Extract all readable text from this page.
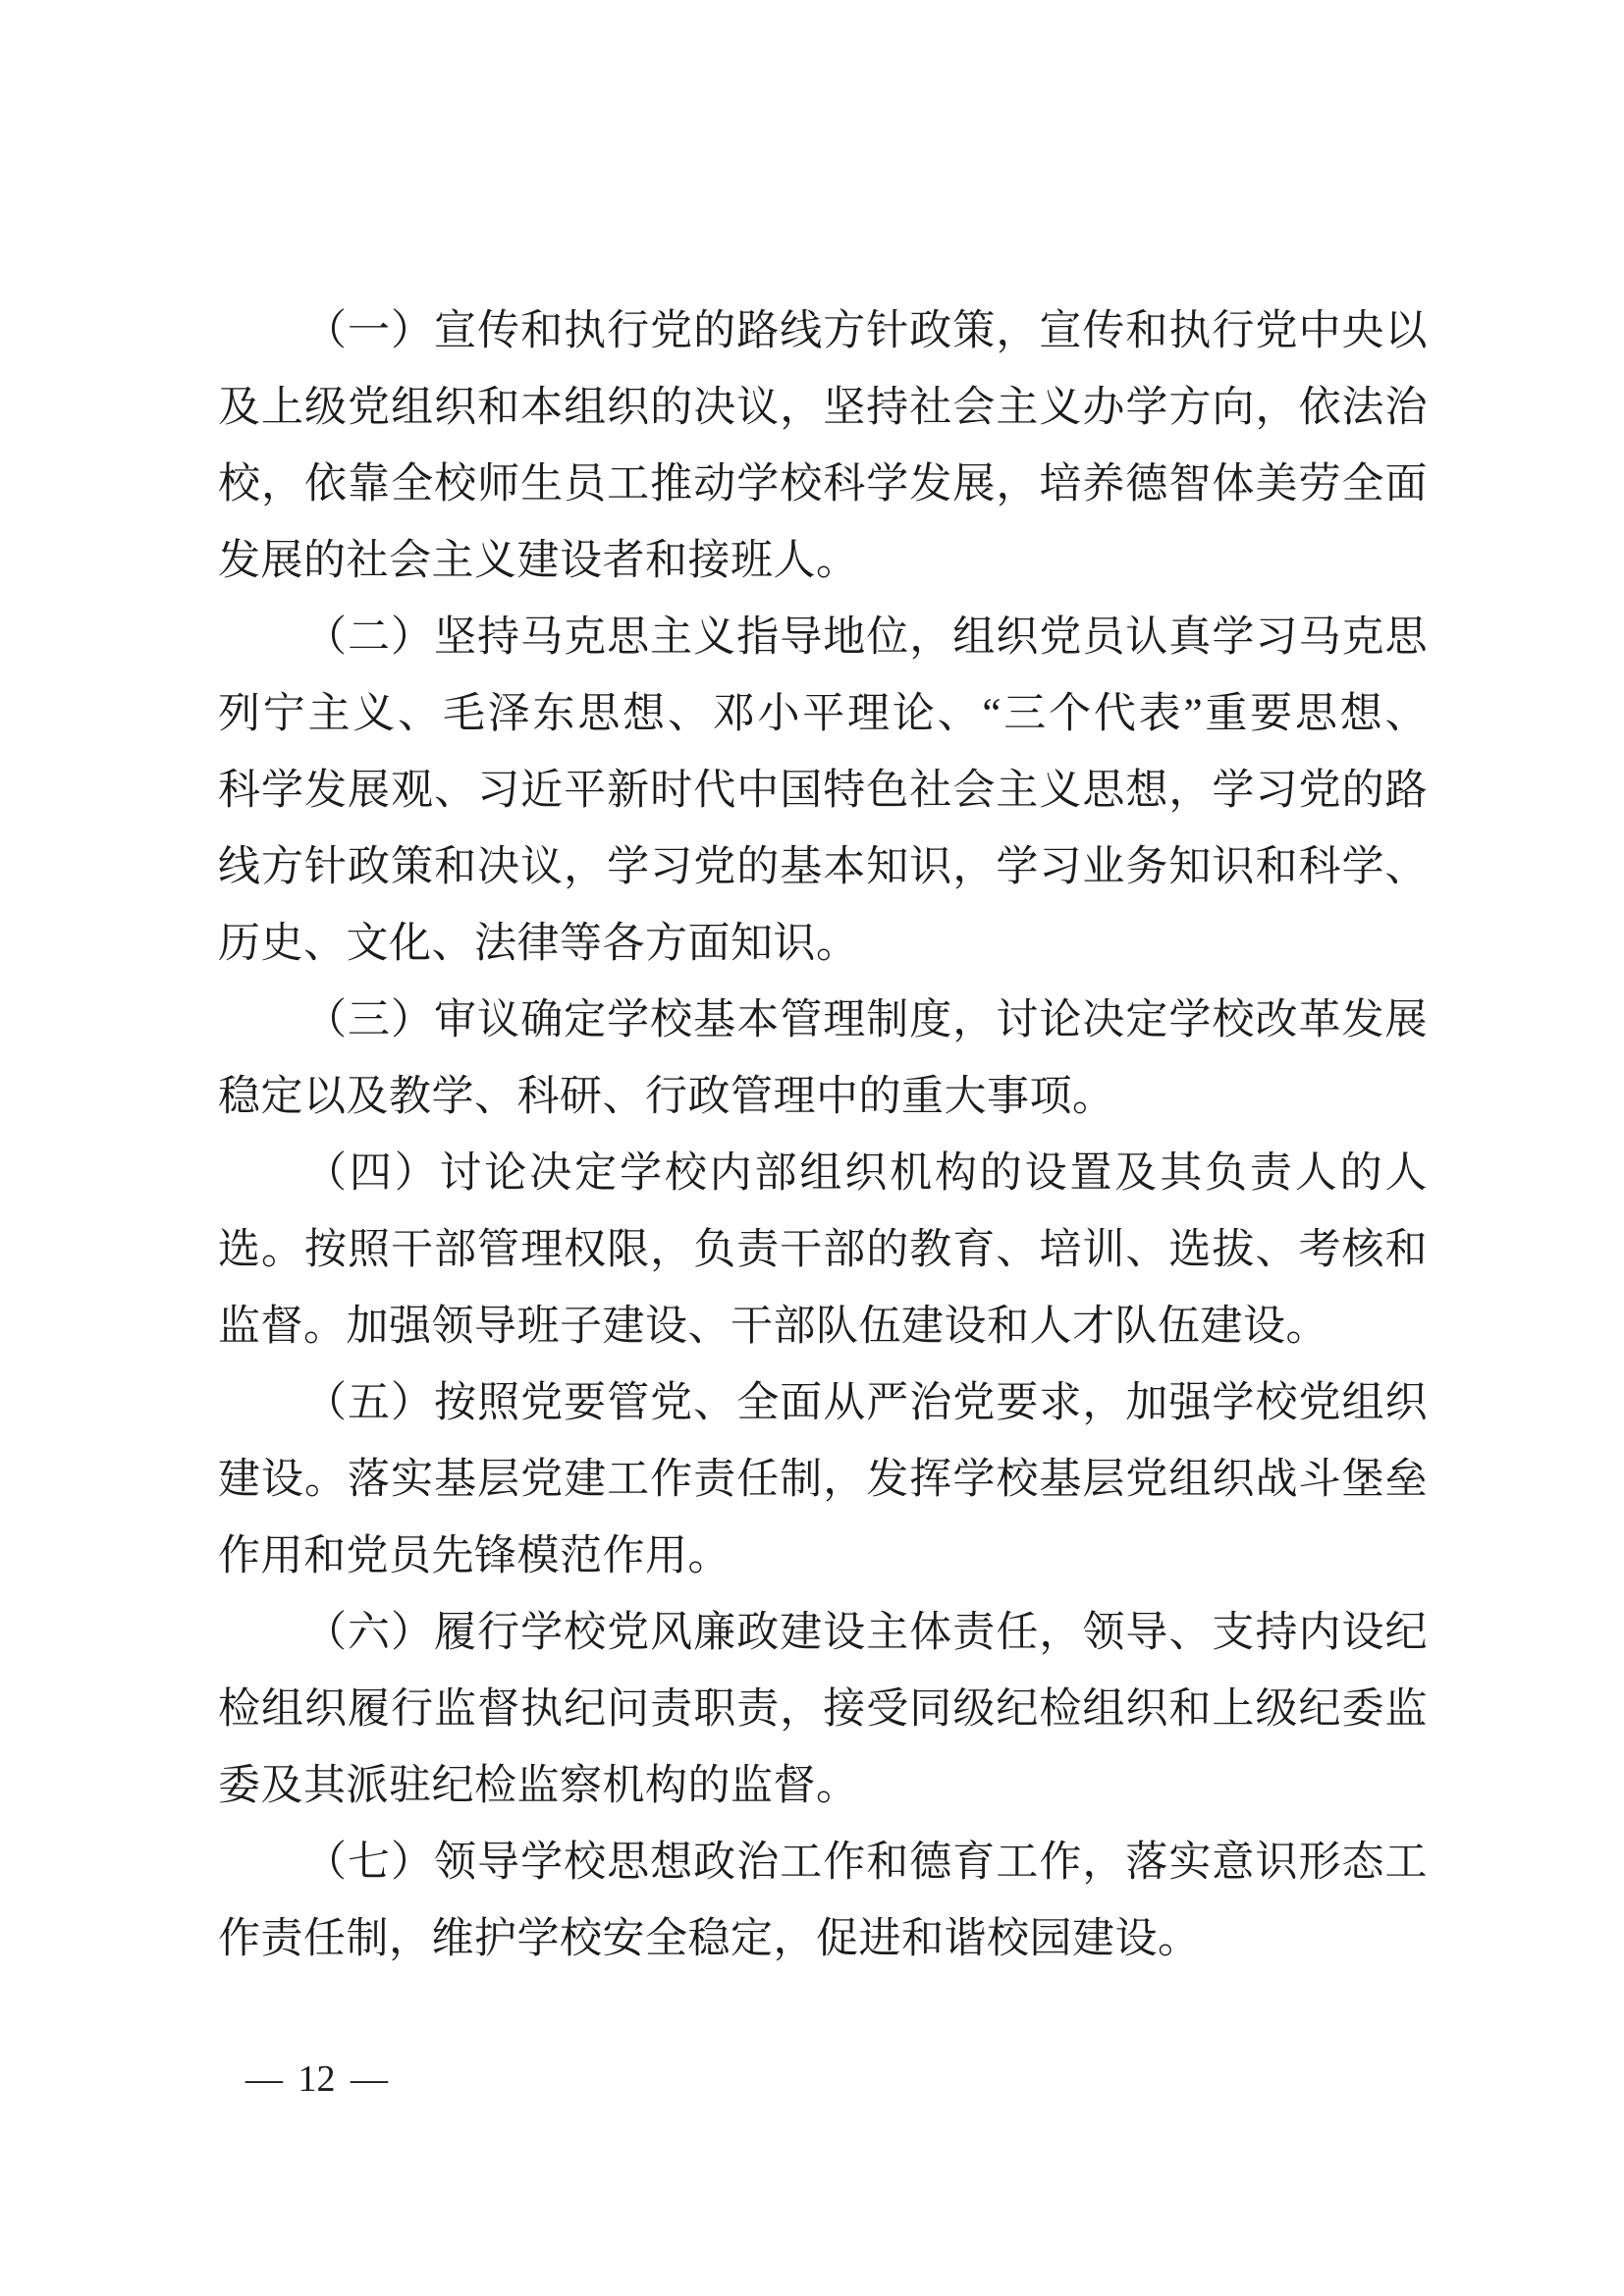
（一）宣传和执行党的路线方针政策，宣传和执行党中央以
及上级党组织和本组织的决议，坚持社会主义办学方向，依法治
校，依靠全校师生员工推动学校科学发展，培养德智体美劳全面
发展的社会主义建设者和接班人。
（二）坚持马克思主义指导地位，组织党员认真学习马克思
列宁主义、毛泽东思想、邓小平理论、“三个代表”重要思想、
科学发展观、习近平新时代中国特色社会主义思想，学习党的路
线方针政策和决议，学习党的基本知识，学习业务知识和科学、
历史、文化、法律等各方面知识。
（三）审议确定学校基本管理制度，讨论决定学校改革发展
稳定以及教学、科研、行政管理中的重大事项。
（四）讨论决定学校内部组织机构的设置及其负责人的人
选。按照干部管理权限，负责干部的教育、培训、选拔、考核和
监督。加强领导班子建设、干部队伍建设和人才队伍建设。
（五）按照党要管党、全面从严治党要求，加强学校党组织
建设。落实基层党建工作责任制，发挥学校基层党组织战斗堡垒
作用和党员先锋模范作用。
（六）履行学校党风廉政建设主体责任，领导、支持内设纪
检组织履行监督执纪问责职责，接受同级纪检组织和上级纪委监
委及其派驻纪检监察机构的监督。
（七）领导学校思想政治工作和德育工作，落实意识形态工
作责任制，维护学校安全稳定，促进和谐校园建设。
— 12 —
